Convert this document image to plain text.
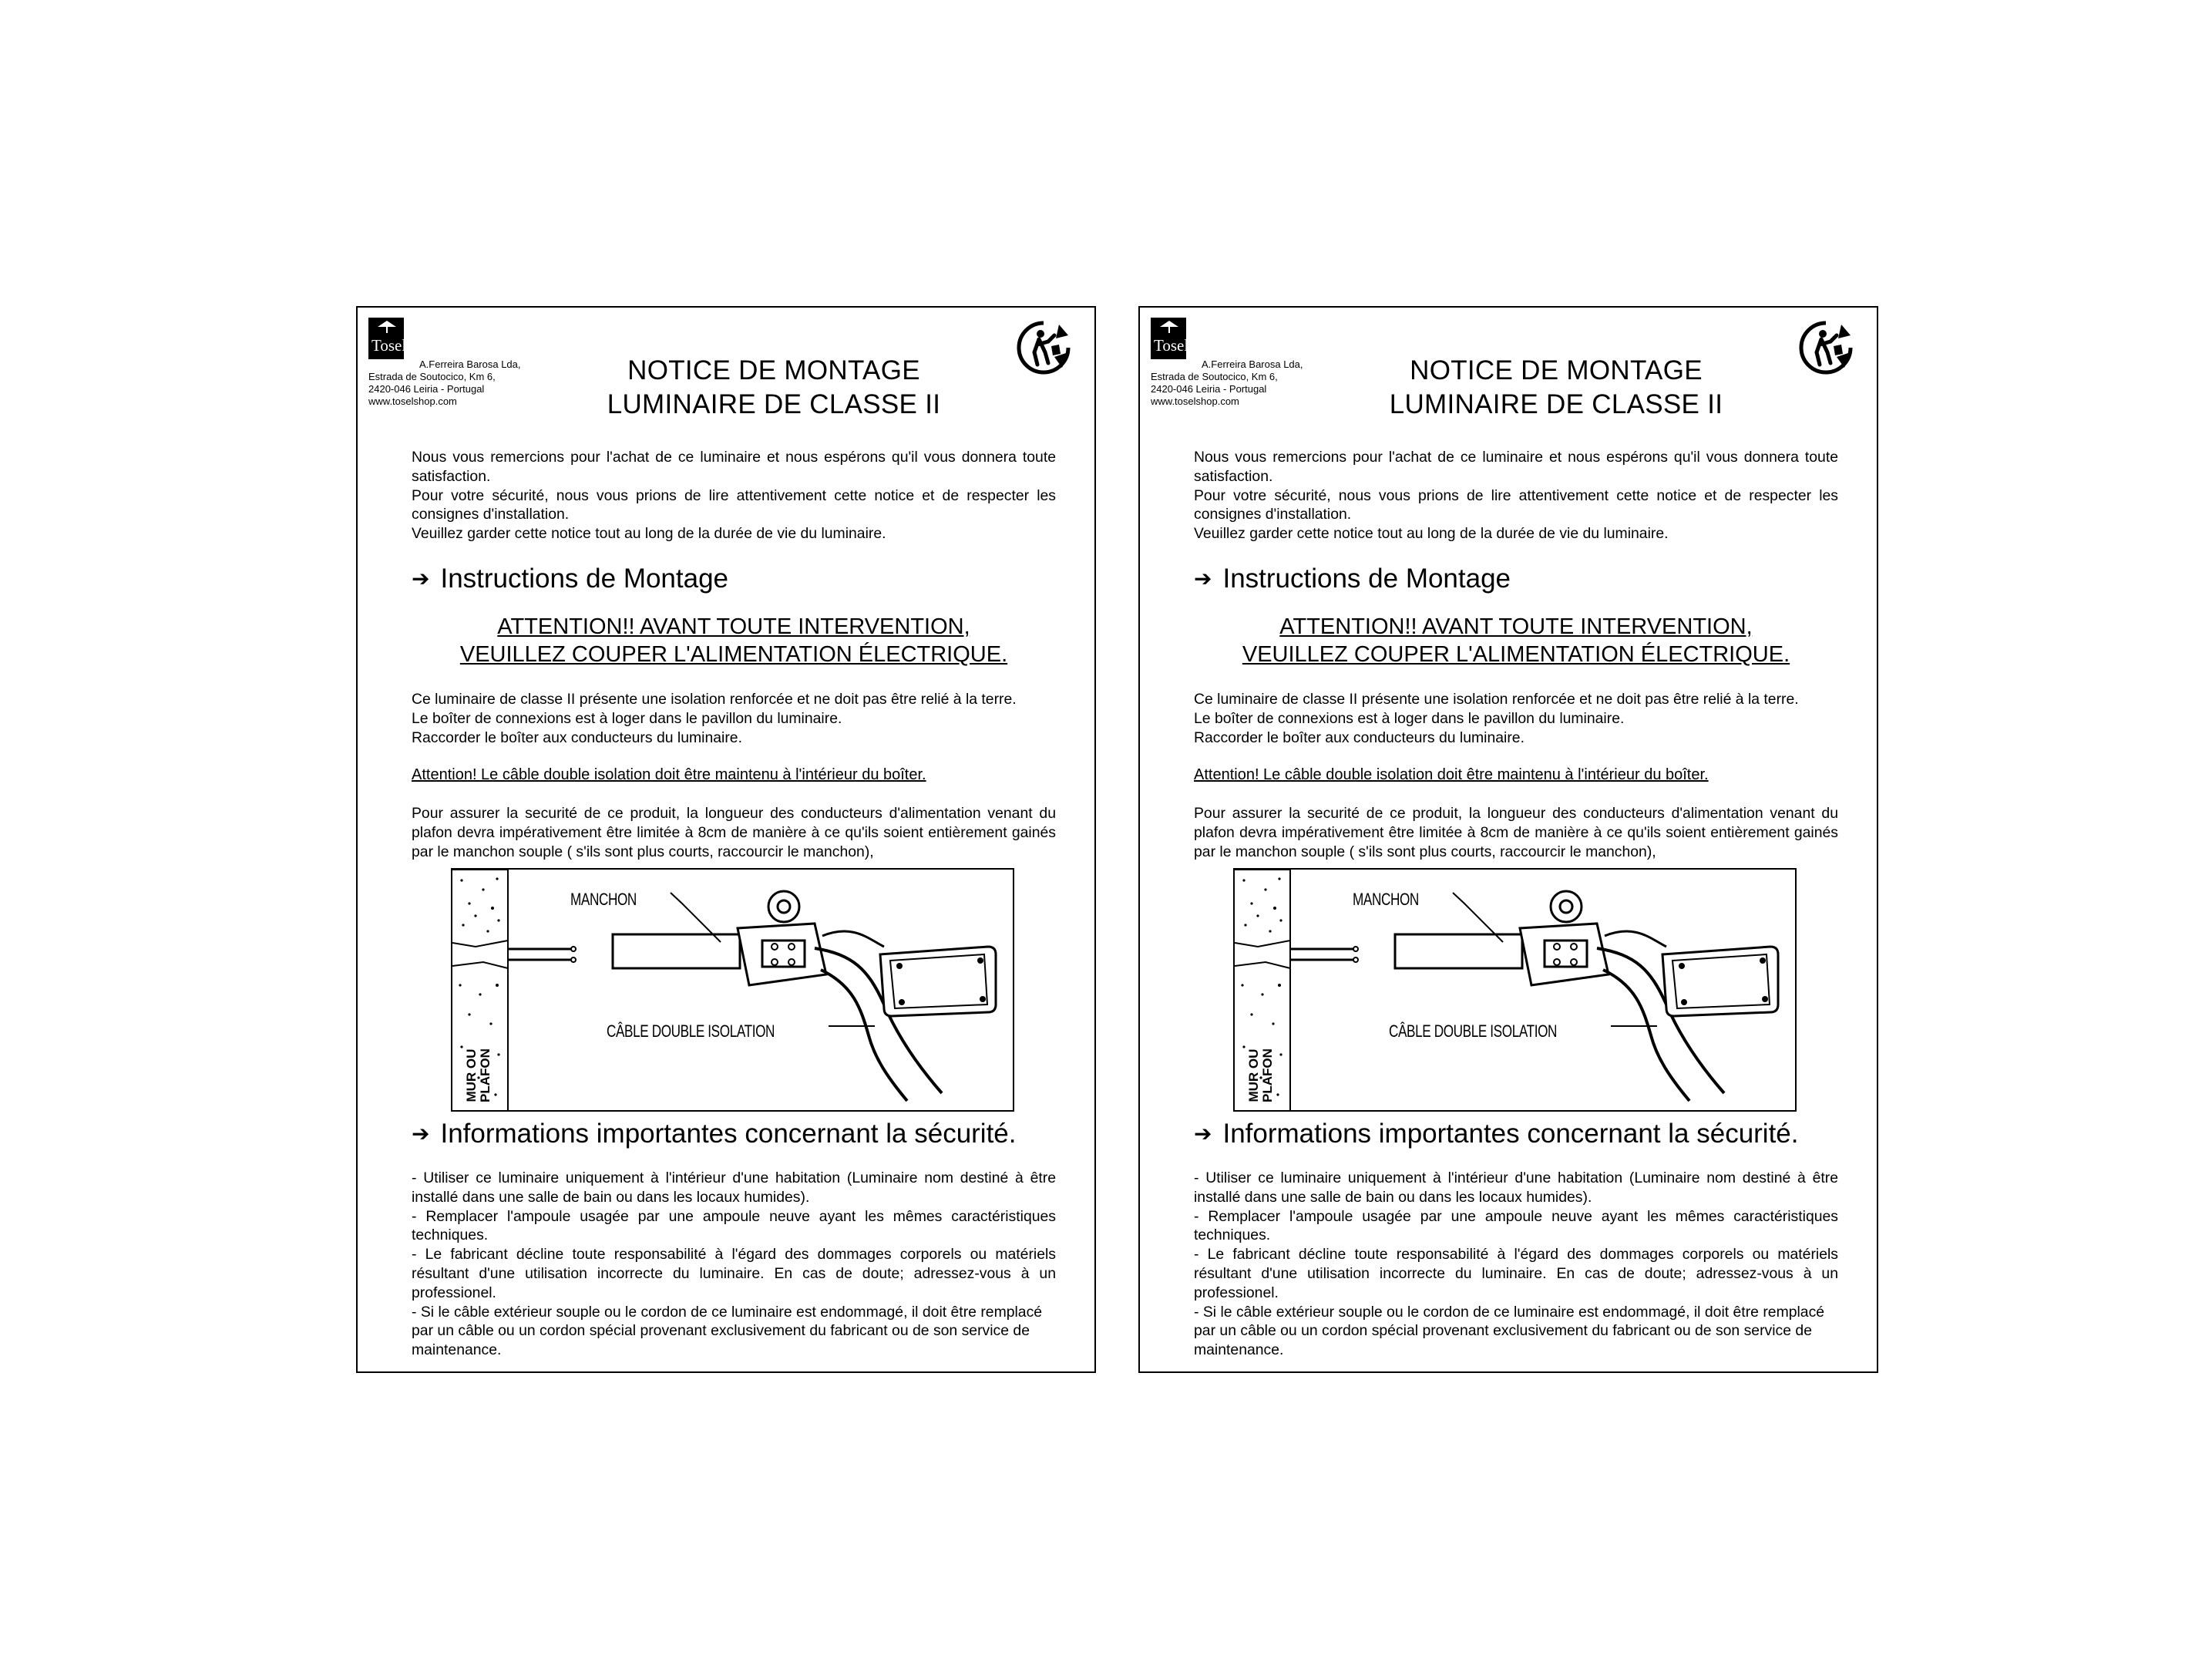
Tosel
A.Ferreira Barosa Lda,
Estrada de Soutocico, Km 6,
2420-046 Leiria - Portugal
www.toselshop.com
NOTICE DE MONTAGE
LUMINAIRE DE CLASSE II

Nous vous remercions pour l'achat de ce luminaire et nous espérons qu'il vous donnera toute satisfaction.

Pour votre sécurité, nous vous prions de lire attentivement cette notice et de respecter les consignes d'installation.

Veuillez garder cette notice tout au long de la durée de vie du luminaire.

➔ Instructions de Montage
ATTENTION!! AVANT TOUTE INTERVENTION,
VEUILLEZ COUPER L'ALIMENTATION ÉLECTRIQUE.

Ce luminaire de classe II présente une isolation renforcée et ne doit pas être relié à la terre.

Le boîter de connexions est à loger dans le pavillon du luminaire.

Raccorder le boîter aux conducteurs du luminaire.

Attention! Le câble double isolation doit être maintenu à l'intérieur du boîter.

Pour assurer la securité de ce produit, la longueur des conducteurs d'alimentation venant du plafon devra impérativement être limitée à 8cm de manière à ce qu'ils soient entièrement gainés par le manchon souple ( s'ils sont plus courts, raccourcir le manchon),

MANCHON
CÂBLE DOUBLE ISOLATION
MUR OU PLAFON
➔ Informations importantes concernant la sécurité.

- Utiliser ce luminaire uniquement à l'intérieur d'une habitation (Luminaire nom destiné à être installé dans une salle de bain ou dans les locaux humides).

- Remplacer l'ampoule usagée par une ampoule neuve ayant les mêmes caractéristiques techniques.

- Le fabricant décline toute responsabilité à l'égard des dommages corporels ou matériels résultant d'une utilisation incorrecte du luminaire. En cas de doute; adressez-vous à un professionel.

- Si le câble extérieur souple ou le cordon de ce luminaire est endommagé, il doit être remplacé par un câble ou un cordon spécial provenant exclusivement du fabricant ou de son service de maintenance.

Tosel
A.Ferreira Barosa Lda,
Estrada de Soutocico, Km 6,
2420-046 Leiria - Portugal
www.toselshop.com
NOTICE DE MONTAGE
LUMINAIRE DE CLASSE II

Nous vous remercions pour l'achat de ce luminaire et nous espérons qu'il vous donnera toute satisfaction.

Pour votre sécurité, nous vous prions de lire attentivement cette notice et de respecter les consignes d'installation.

Veuillez garder cette notice tout au long de la durée de vie du luminaire.

➔ Instructions de Montage
ATTENTION!! AVANT TOUTE INTERVENTION,
VEUILLEZ COUPER L'ALIMENTATION ÉLECTRIQUE.

Ce luminaire de classe II présente une isolation renforcée et ne doit pas être relié à la terre.

Le boîter de connexions est à loger dans le pavillon du luminaire.

Raccorder le boîter aux conducteurs du luminaire.

Attention! Le câble double isolation doit être maintenu à l'intérieur du boîter.

Pour assurer la securité de ce produit, la longueur des conducteurs d'alimentation venant du plafon devra impérativement être limitée à 8cm de manière à ce qu'ils soient entièrement gainés par le manchon souple ( s'ils sont plus courts, raccourcir le manchon),

MANCHON
CÂBLE DOUBLE ISOLATION
MUR OU PLAFON
➔ Informations importantes concernant la sécurité.

- Utiliser ce luminaire uniquement à l'intérieur d'une habitation (Luminaire nom destiné à être installé dans une salle de bain ou dans les locaux humides).

- Remplacer l'ampoule usagée par une ampoule neuve ayant les mêmes caractéristiques techniques.

- Le fabricant décline toute responsabilité à l'égard des dommages corporels ou matériels résultant d'une utilisation incorrecte du luminaire. En cas de doute; adressez-vous à un professionel.

- Si le câble extérieur souple ou le cordon de ce luminaire est endommagé, il doit être remplacé par un câble ou un cordon spécial provenant exclusivement du fabricant ou de son service de maintenance.
